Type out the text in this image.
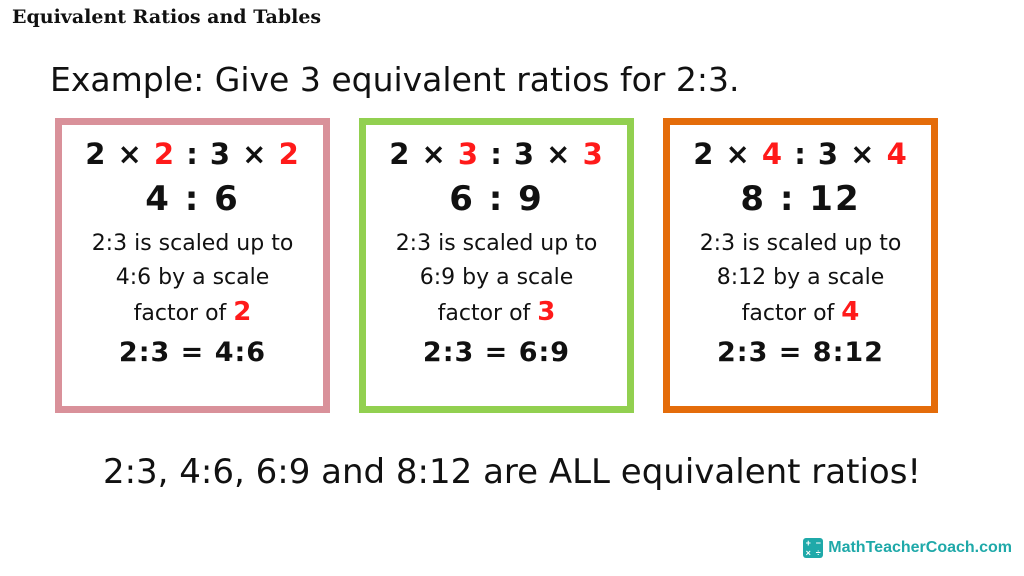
Equivalent Ratios and Tables
Example: Give 3 equivalent ratios for 2:3.
2 × 2 : 3 × 2
4 : 6
2:3 is scaled up to
4:6 by a scale
factor of 2
2:3 = 4:6
2 × 3 : 3 × 3
6 : 9
2:3 is scaled up to
6:9 by a scale
factor of 3
2:3 = 6:9
2 × 4 : 3 × 4
8 : 12
2:3 is scaled up to
8:12 by a scale
factor of 4
2:3 = 8:12
2:3, 4:6, 6:9 and 8:12 are ALL equivalent ratios!
+ −
× ÷ MathTeacherCoach.com
